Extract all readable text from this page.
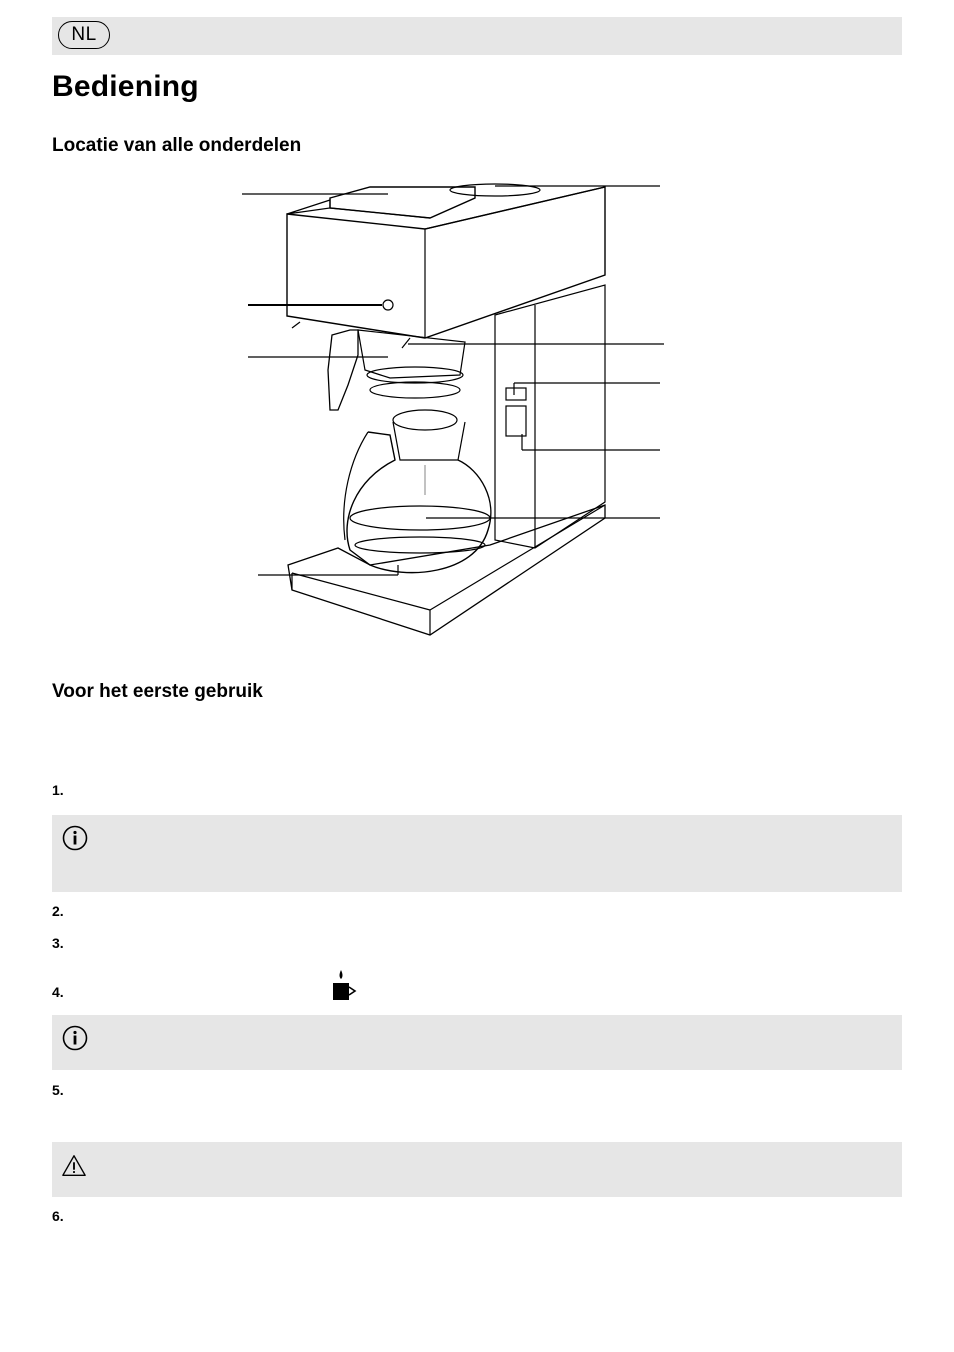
NL
Bediening
Locatie van alle onderdelen
Voor het eerste gebruik
1.
2.
3.
4.
5.
6.
